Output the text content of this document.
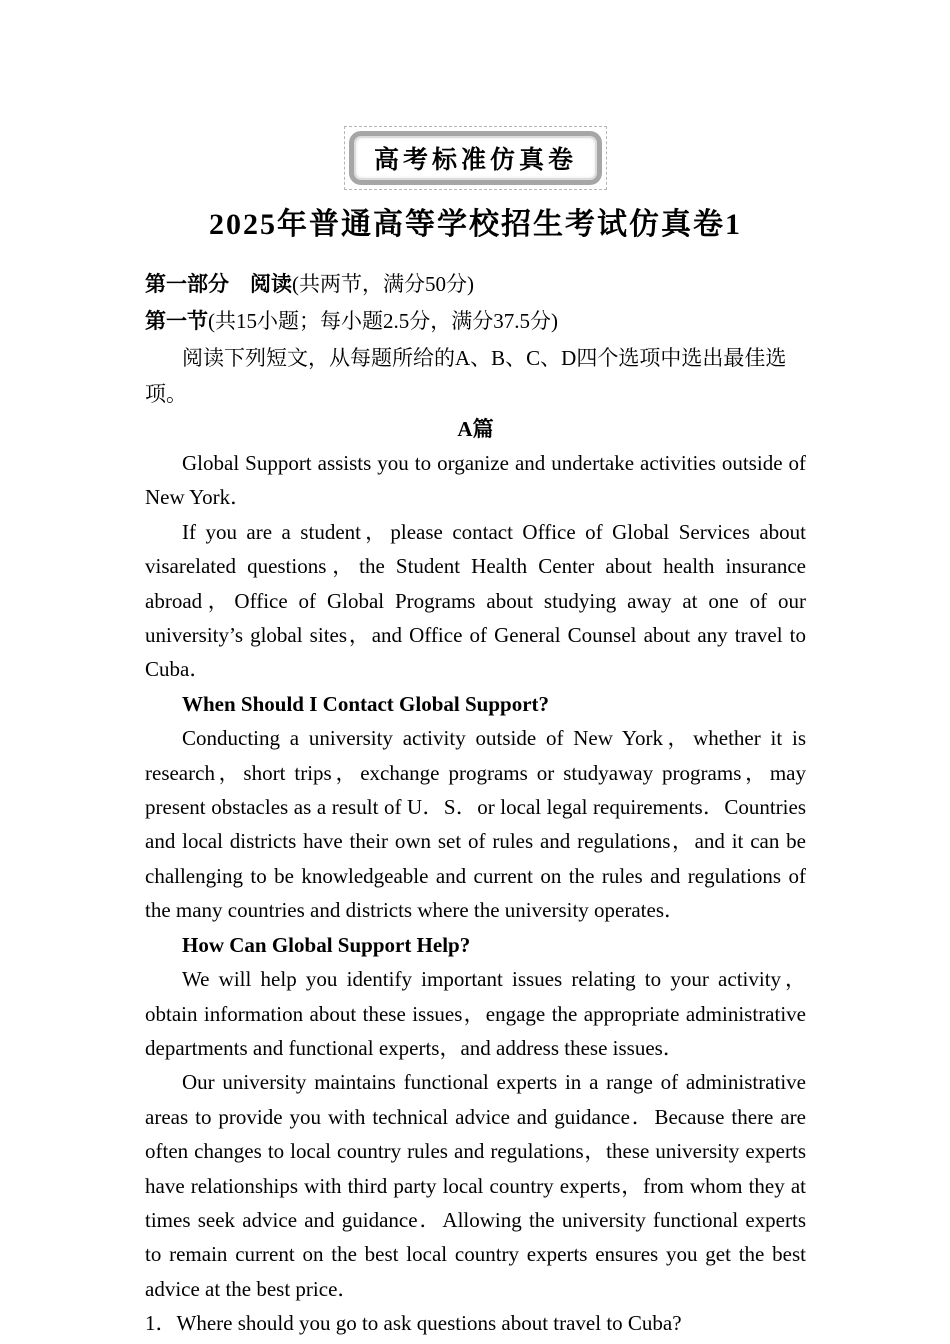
高考标准仿真卷
2025年普通高等学校招生考试仿真卷1

第一部分　阅读(共两节，满分50分)

第一节(共15小题；每小题2.5分，满分37.5分)

阅读下列短文，从每题所给的A、B、C、D四个选项中选出最佳选项。

A篇

Global Support assists you to organize and undertake activities outside of New York．

If you are a student，please contact Office of Global Services about visarelated questions，the Student Health Center about health insurance abroad，Office of Global Programs about studying away at one of our university’s global sites，and Office of General Counsel about any travel to Cuba．

When Should I Contact Global Support?

Conducting a university activity outside of New York，whether it is research，short trips，exchange programs or studyaway programs，may present obstacles as a result of U．S．or local legal requirements．Countries and local districts have their own set of rules and regulations，and it can be challenging to be knowledgeable and current on the rules and regulations of the many countries and districts where the university operates．

How Can Global Support Help?

We will help you identify important issues relating to your activity，obtain information about these issues，engage the appropriate administrative departments and functional experts，and address these issues．

Our university maintains functional experts in a range of administrative areas to provide you with technical advice and guidance．Because there are often changes to local country rules and regulations，these university experts have relationships with third party local country experts，from whom they at times seek advice and guidance．Allowing the university functional experts to remain current on the best local country experts ensures you get the best advice at the best price．

1．Where should you go to ask questions about travel to Cuba?
